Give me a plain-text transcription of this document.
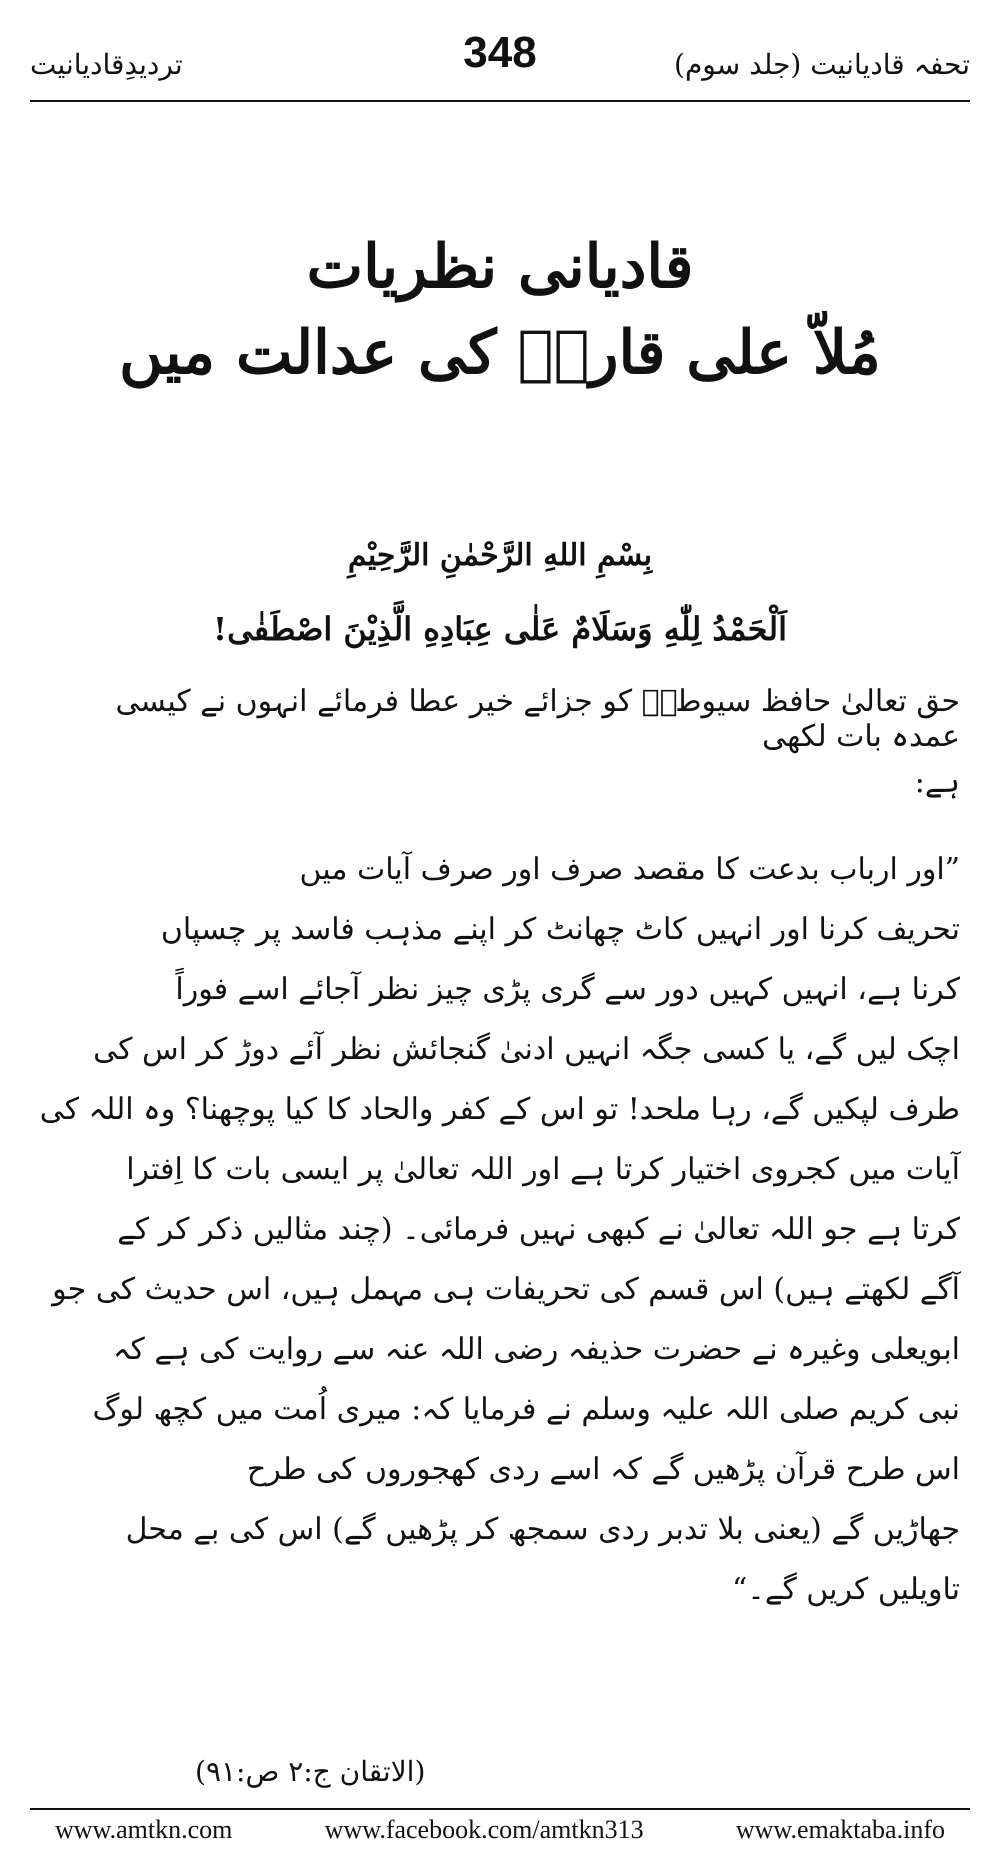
تردیدِقادیانیت	348	تحفہ قادیانیت (جلد سوم)
قادیانی نظریات
مُلاّ علی قاریؒ کی عدالت میں
بِسْمِ اللهِ الرَّحْمٰنِ الرَّحِيْمِ
اَلْحَمْدُ لِلّٰهِ وَسَلَامٌ عَلٰى عِبَادِهِ الَّذِيْنَ اصْطَفٰى!
حق تعالیٰ حافظ سیوطیؒ کو جزائے خیر عطا فرمائے انہوں نے کیسی عمدہ بات لکھی
ہے:
”اور ارباب بدعت کا مقصد صرف اور صرف آیات میں
تحریف کرنا اور انہیں کاٹ چھانٹ کر اپنے مذہب فاسد پر چسپاں
کرنا ہے، انہیں کہیں دور سے گری پڑی چیز نظر آجائے اسے فوراً
اچک لیں گے، یا کسی جگہ انہیں ادنیٰ گنجائش نظر آئے دوڑ کر اس کی
طرف لپکیں گے، رہا ملحد! تو اس کے کفر والحاد کا کیا پوچھنا؟ وہ اللہ کی
آیات میں کجروی اختیار کرتا ہے اور اللہ تعالیٰ پر ایسی بات کا اِفترا
کرتا ہے جو اللہ تعالیٰ نے کبھی نہیں فرمائی۔ (چند مثالیں ذکر کر کے
آگے لکھتے ہیں) اس قسم کی تحریفات ہی مہمل ہیں، اس حدیث کی جو
ابویعلی وغیرہ نے حضرت حذیفہ رضی اللہ عنہ سے روایت کی ہے کہ
نبی کریم صلی اللہ علیہ وسلم نے فرمایا کہ: میری اُمت میں کچھ لوگ
اس طرح قرآن پڑھیں گے کہ اسے ردی کھجوروں کی طرح
جھاڑیں گے (یعنی بلا تدبر ردی سمجھ کر پڑھیں گے) اس کی بے محل
تاویلیں کریں گے۔“
(الاتقان ج:۲ ص:۹۱)
www.amtkn.com	www.facebook.com/amtkn313	www.emaktaba.info
